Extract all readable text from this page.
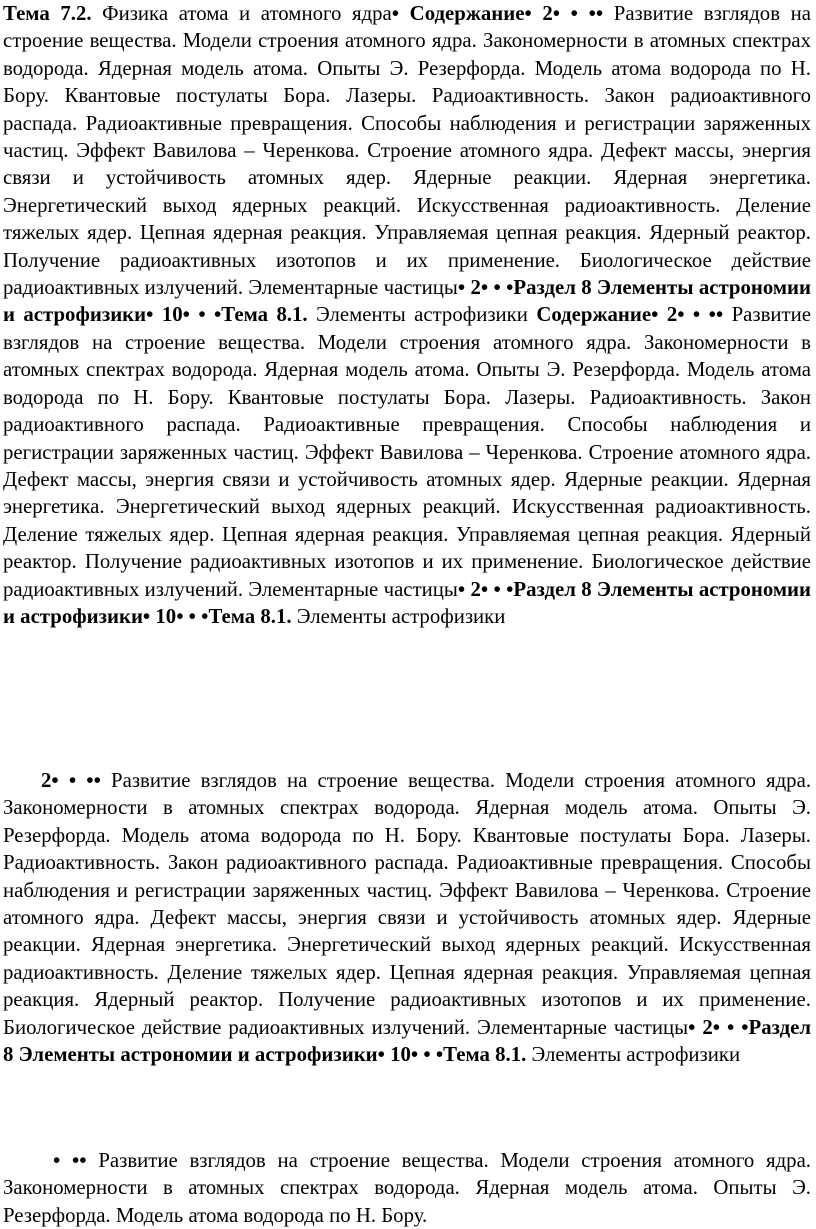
Тема 7.2. Физика атома и атомного ядра• Содержание• 2• • •• Развитие взглядов на строение вещества. Модели строения атомного ядра. Закономерности в атомных спектрах водорода. Ядерная модель атома. Опыты Э. Резерфорда. Модель атома водорода по Н. Бору. Квантовые постулаты Бора. Лазеры. Радиоактивность. Закон радиоактивного распада. Радиоактивные превращения. Способы наблюдения и регистрации заряженных частиц. Эффект Вавилова – Черенкова. Строение атомного ядра. Дефект массы, энергия связи и устойчивость атомных ядер. Ядерные реакции. Ядерная энергетика. Энергетический выход ядерных реакций. Искусственная радиоактивность. Деление тяжелых ядер. Цепная ядерная реакция. Управляемая цепная реакция. Ядерный реактор. Получение радиоактивных изотопов и их применение. Биологическое действие радиоактивных излучений. Элементарные частицы• 2• • •Раздел 8 Элементы астрономии и астрофизики• 10• • •Тема 8.1. Элементы астрофизики Содержание• 2• • •• Развитие взглядов на строение вещества. Модели строения атомного ядра. Закономерности в атомных спектрах водорода. Ядерная модель атома. Опыты Э. Резерфорда. Модель атома водорода по Н. Бору. Квантовые постулаты Бора. Лазеры. Радиоактивность. Закон радиоактивного распада. Радиоактивные превращения. Способы наблюдения и регистрации заряженных частиц. Эффект Вавилова – Черенкова. Строение атомного ядра. Дефект массы, энергия связи и устойчивость атомных ядер. Ядерные реакции. Ядерная энергетика. Энергетический выход ядерных реакций. Искусственная радиоактивность. Деление тяжелых ядер. Цепная ядерная реакция. Управляемая цепная реакция. Ядерный реактор. Получение радиоактивных изотопов и их применение. Биологическое действие радиоактивных излучений. Элементарные частицы• 2• • •Раздел 8 Элементы астрономии и астрофизики• 10• • •Тема 8.1. Элементы астрофизики

2• • •• Развитие взглядов на строение вещества. Модели строения атомного ядра. Закономерности в атомных спектрах водорода. Ядерная модель атома. Опыты Э. Резерфорда. Модель атома водорода по Н. Бору. Квантовые постулаты Бора. Лазеры. Радиоактивность. Закон радиоактивного распада. Радиоактивные превращения. Способы наблюдения и регистрации заряженных частиц. Эффект Вавилова – Черенкова. Строение атомного ядра. Дефект массы, энергия связи и устойчивость атомных ядер. Ядерные реакции. Ядерная энергетика. Энергетический выход ядерных реакций. Искусственная радиоактивность. Деление тяжелых ядер. Цепная ядерная реакция. Управляемая цепная реакция. Ядерный реактор. Получение радиоактивных изотопов и их применение. Биологическое действие радиоактивных излучений. Элементарные частицы• 2• • •Раздел 8 Элементы астрономии и астрофизики• 10• • •Тема 8.1. Элементы астрофизики

• •• Развитие взглядов на строение вещества. Модели строения атомного ядра. Закономерности в атомных спектрах водорода. Ядерная модель атома. Опыты Э. Резерфорда. Модель атома водорода по Н. Бору.
